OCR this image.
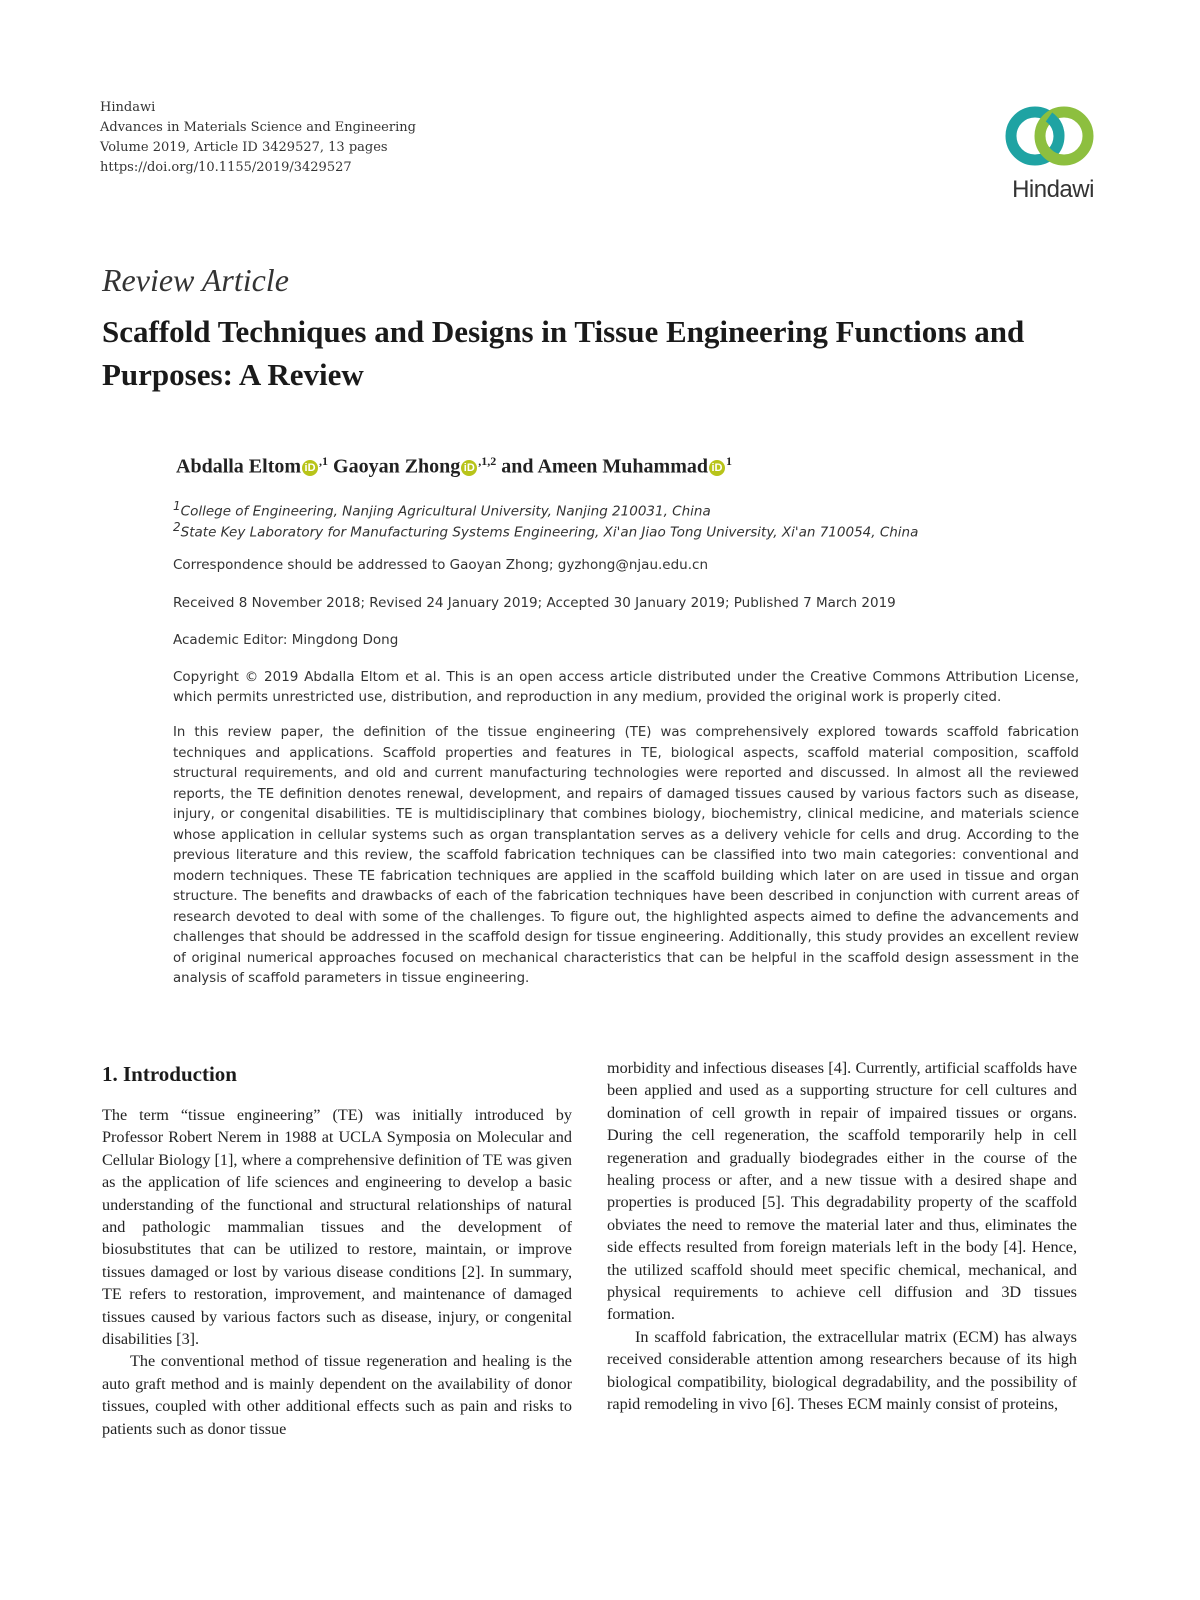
Hindawi
Advances in Materials Science and Engineering
Volume 2019, Article ID 3429527, 13 pages
https://doi.org/10.1155/2019/3429527
Hindawi
Review Article
Scaffold Techniques and Designs in Tissue Engineering Functions and Purposes: A Review
Abdalla Eltom iD $^{,1}$ Gaoyan Zhong iD $^{,1,2}$ and Ameen Muhammad iD $^1$
$^1$College of Engineering, Nanjing Agricultural University, Nanjing 210031, China
$^2$State Key Laboratory for Manufacturing Systems Engineering, Xi'an Jiao Tong University, Xi'an 710054, China
Correspondence should be addressed to Gaoyan Zhong; gyzhong@njau.edu.cn
Received 8 November 2018; Revised 24 January 2019; Accepted 30 January 2019; Published 7 March 2019
Academic Editor: Mingdong Dong
Copyright © 2019 Abdalla Eltom et al. This is an open access article distributed under the Creative Commons Attribution License, which permits unrestricted use, distribution, and reproduction in any medium, provided the original work is properly cited.
In this review paper, the definition of the tissue engineering (TE) was comprehensively explored towards scaffold fabrication techniques and applications. Scaffold properties and features in TE, biological aspects, scaffold material composition, scaffold structural requirements, and old and current manufacturing technologies were reported and discussed. In almost all the reviewed reports, the TE definition denotes renewal, development, and repairs of damaged tissues caused by various factors such as disease, injury, or congenital disabilities. TE is multidisciplinary that combines biology, biochemistry, clinical medicine, and materials science whose application in cellular systems such as organ transplantation serves as a delivery vehicle for cells and drug. According to the previous literature and this review, the scaffold fabrication techniques can be classified into two main categories: conventional and modern techniques. These TE fabrication techniques are applied in the scaffold building which later on are used in tissue and organ structure. The benefits and drawbacks of each of the fabrication techniques have been described in conjunction with current areas of research devoted to deal with some of the challenges. To figure out, the highlighted aspects aimed to define the advancements and challenges that should be addressed in the scaffold design for tissue engineering. Additionally, this study provides an excellent review of original numerical approaches focused on mechanical characteristics that can be helpful in the scaffold design assessment in the analysis of scaffold parameters in tissue engineering.
1. Introduction

The term “tissue engineering” (TE) was initially introduced by Professor Robert Nerem in 1988 at UCLA Symposia on Molecular and Cellular Biology [1], where a comprehensive definition of TE was given as the application of life sciences and engineering to develop a basic understanding of the functional and structural relationships of natural and pathologic mammalian tissues and the development of biosubstitutes that can be utilized to restore, maintain, or improve tissues damaged or lost by various disease conditions [2]. In summary, TE refers to restoration, improvement, and maintenance of damaged tissues caused by various factors such as disease, injury, or congenital disabilities [3].

The conventional method of tissue regeneration and healing is the auto graft method and is mainly dependent on the availability of donor tissues, coupled with other additional effects such as pain and risks to patients such as donor tissue

morbidity and infectious diseases [4]. Currently, artificial scaffolds have been applied and used as a supporting structure for cell cultures and domination of cell growth in repair of impaired tissues or organs. During the cell regeneration, the scaffold temporarily help in cell regeneration and gradually biodegrades either in the course of the healing process or after, and a new tissue with a desired shape and properties is produced [5]. This degradability property of the scaffold obviates the need to remove the material later and thus, eliminates the side effects resulted from foreign materials left in the body [4]. Hence, the utilized scaffold should meet specific chemical, mechanical, and physical requirements to achieve cell diffusion and 3D tissues formation.

In scaffold fabrication, the extracellular matrix (ECM) has always received considerable attention among researchers because of its high biological compatibility, biological degradability, and the possibility of rapid remodeling in vivo [6]. Theses ECM mainly consist of proteins,
